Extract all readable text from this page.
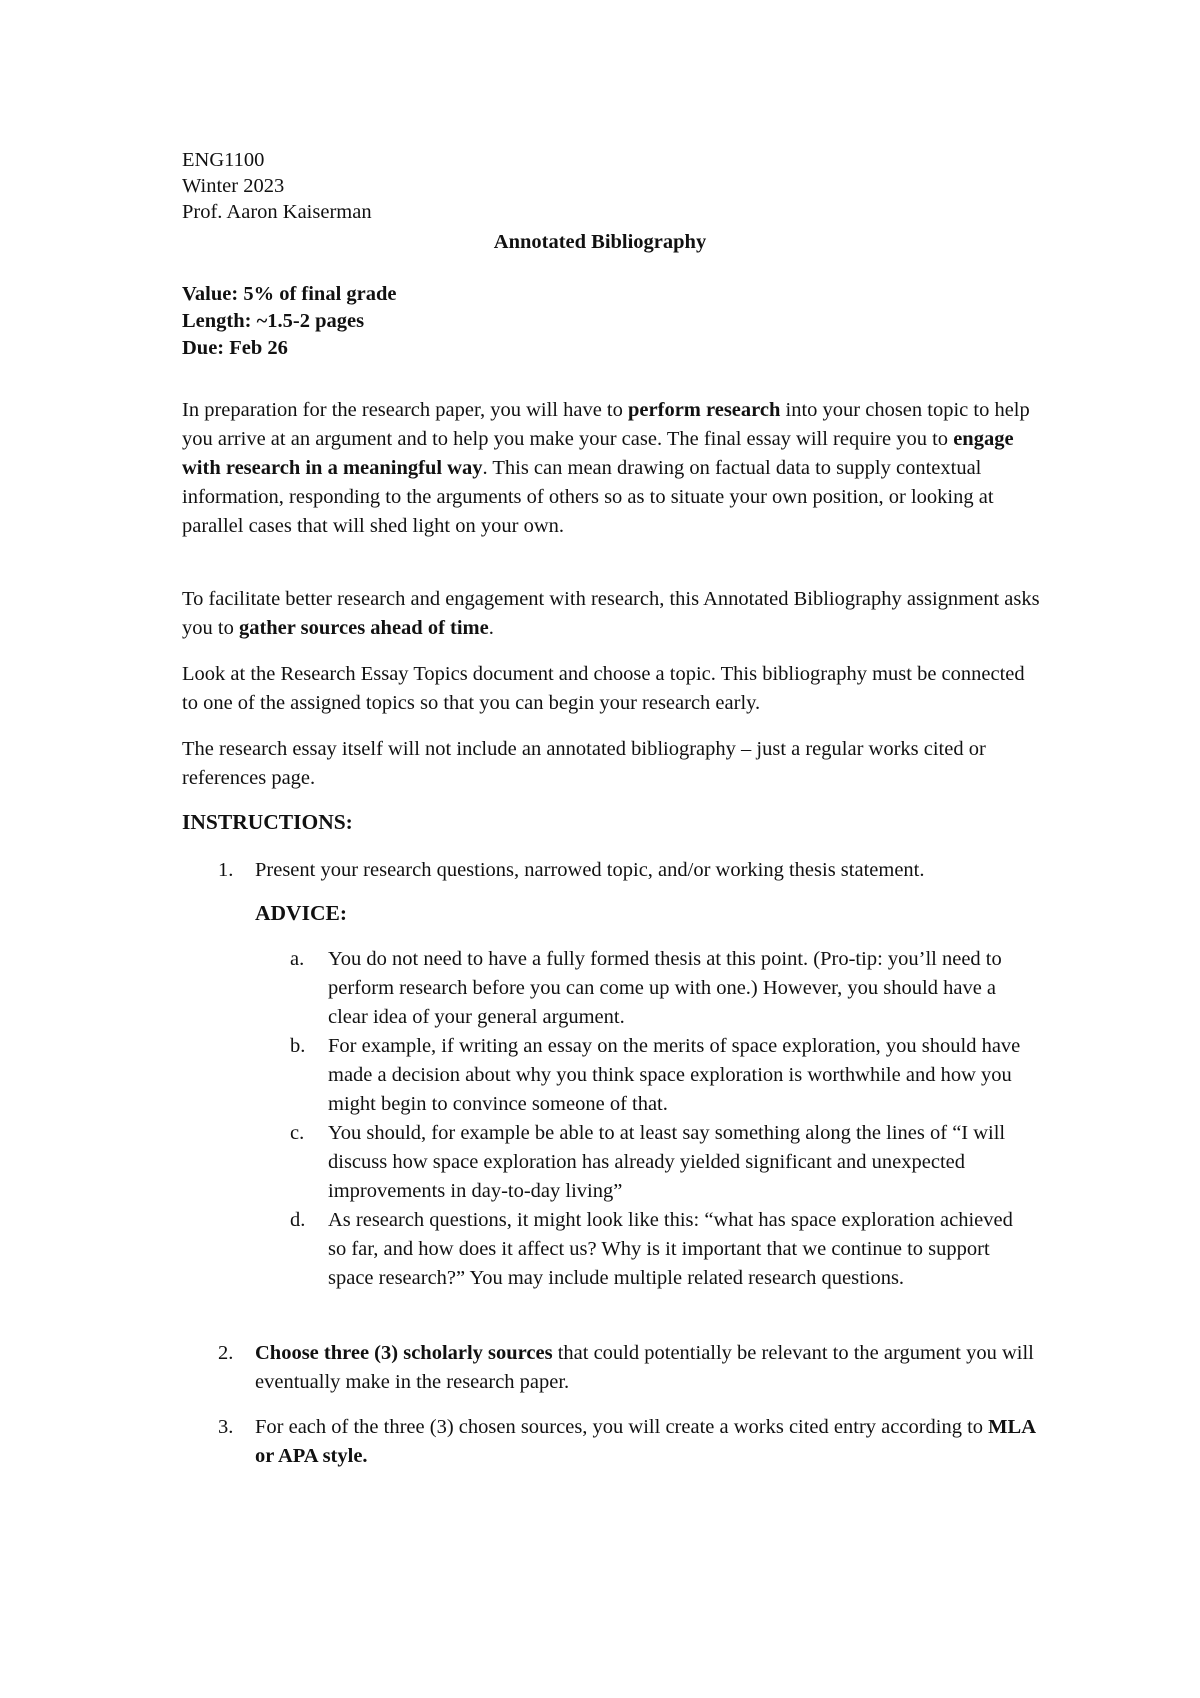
ENG1100
Winter 2023
Prof. Aaron Kaiserman
Annotated Bibliography
Value: 5% of final grade
Length: ~1.5-2 pages
Due: Feb 26

In preparation for the research paper, you will have to perform research into your chosen topic to help you arrive at an argument and to help you make your case. The final essay will require you to engage with research in a meaningful way. This can mean drawing on factual data to supply contextual information, responding to the arguments of others so as to situate your own position, or looking at parallel cases that will shed light on your own.

To facilitate better research and engagement with research, this Annotated Bibliography assignment asks you to gather sources ahead of time.

Look at the Research Essay Topics document and choose a topic. This bibliography must be connected to one of the assigned topics so that you can begin your research early.

The research essay itself will not include an annotated bibliography – just a regular works cited or references page.

INSTRUCTIONS:
1. Present your research questions, narrowed topic, and/or working thesis statement.
ADVICE:
a. You do not need to have a fully formed thesis at this point. (Pro-tip: you’ll need to perform research before you can come up with one.) However, you should have a clear idea of your general argument.
b. For example, if writing an essay on the merits of space exploration, you should have made a decision about why you think space exploration is worthwhile and how you might begin to convince someone of that.
c. You should, for example be able to at least say something along the lines of “I will discuss how space exploration has already yielded significant and unexpected improvements in day-to-day living”
d. As research questions, it might look like this: “what has space exploration achieved so far, and how does it affect us? Why is it important that we continue to support space research?” You may include multiple related research questions.
2. Choose three (3) scholarly sources that could potentially be relevant to the argument you will eventually make in the research paper.
3. For each of the three (3) chosen sources, you will create a works cited entry according to MLA or APA style.
